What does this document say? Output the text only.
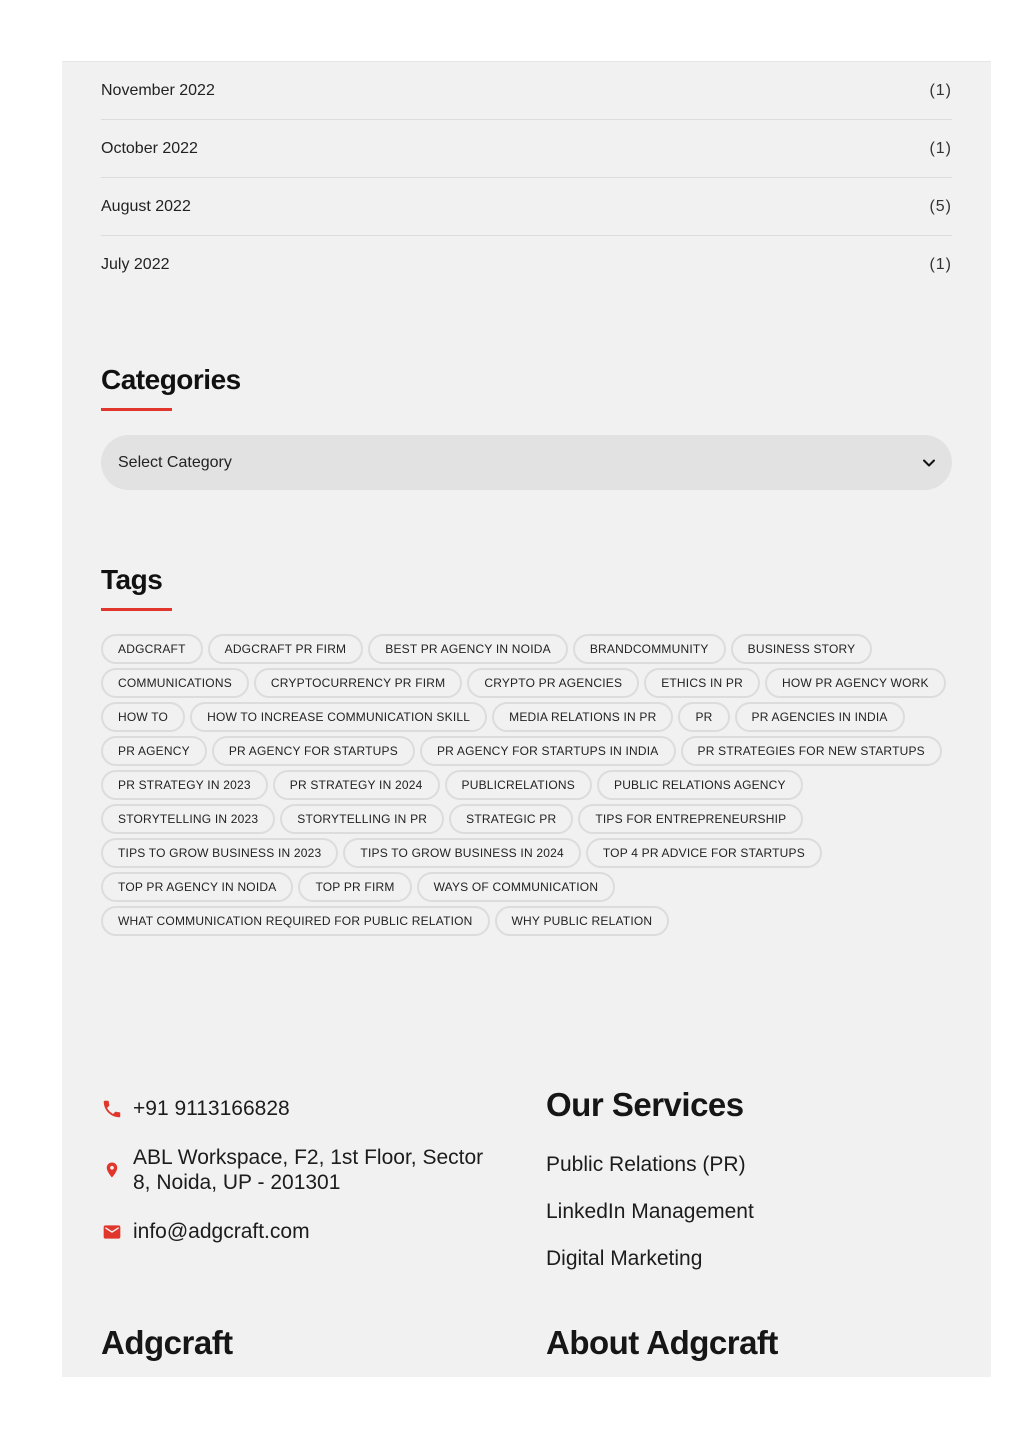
November 2022	(1)
October 2022	(1)
August 2022	(5)
July 2022	(1)
Categories
Select Category
Tags
ADGCRAFT	ADGCRAFT PR FIRM	BEST PR AGENCY IN NOIDA	BRANDCOMMUNITY	BUSINESS STORY
COMMUNICATIONS	CRYPTOCURRENCY PR FIRM	CRYPTO PR AGENCIES	ETHICS IN PR	HOW PR AGENCY WORK
HOW TO	HOW TO INCREASE COMMUNICATION SKILL	MEDIA RELATIONS IN PR	PR	PR AGENCIES IN INDIA
PR AGENCY	PR AGENCY FOR STARTUPS	PR AGENCY FOR STARTUPS IN INDIA	PR STRATEGIES FOR NEW STARTUPS
PR STRATEGY IN 2023	PR STRATEGY IN 2024	PUBLICRELATIONS	PUBLIC RELATIONS AGENCY
STORYTELLING IN 2023	STORYTELLING IN PR	STRATEGIC PR	TIPS FOR ENTREPRENEURSHIP
TIPS TO GROW BUSINESS IN 2023	TIPS TO GROW BUSINESS IN 2024	TOP 4 PR ADVICE FOR STARTUPS
TOP PR AGENCY IN NOIDA	TOP PR FIRM	WAYS OF COMMUNICATION
WHAT COMMUNICATION REQUIRED FOR PUBLIC RELATION	WHY PUBLIC RELATION
+91 9113166828
ABL Workspace, F2, 1st Floor, Sector 8, Noida, UP - 201301
info@adgcraft.com
Our Services
Public Relations (PR)
LinkedIn Management
Digital Marketing
Adgcraft	About Adgcraft
